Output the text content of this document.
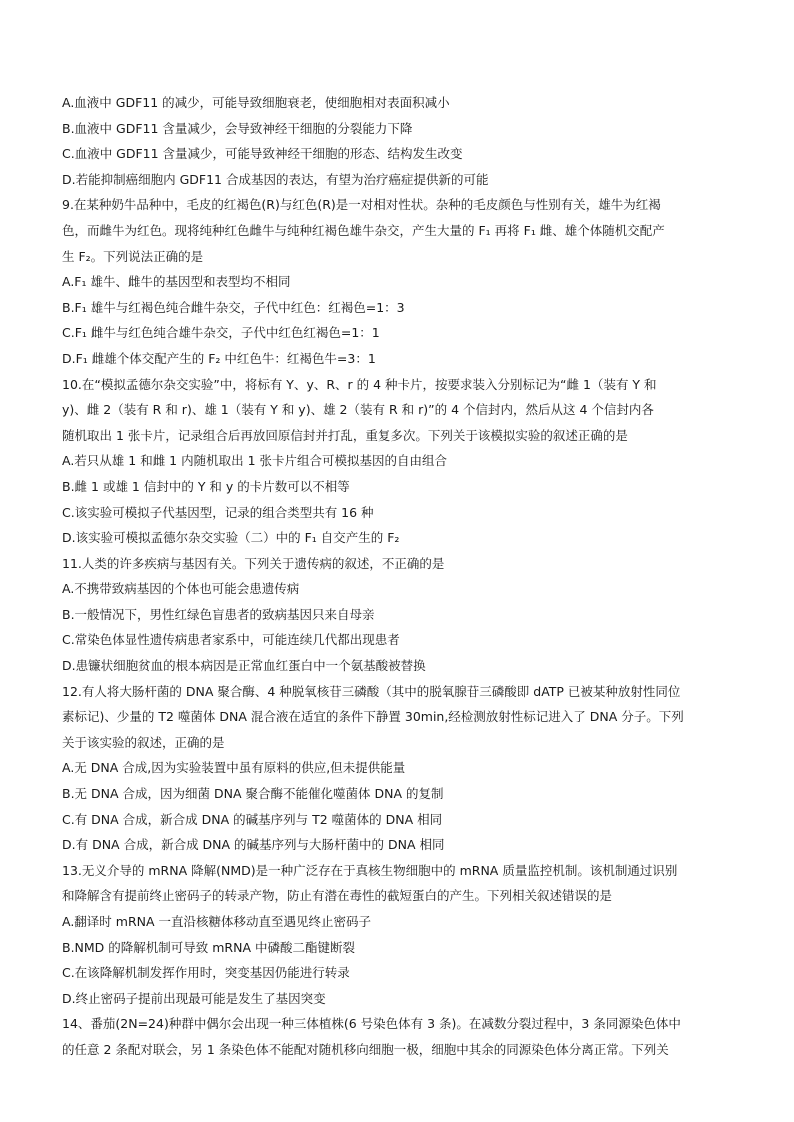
A.血液中 GDF11 的减少，可能导致细胞衰老，使细胞相对表面积减小
B.血液中 GDF11 含量减少，会导致神经干细胞的分裂能力下降
C.血液中 GDF11 含量减少，可能导致神经干细胞的形态、结构发生改变
D.若能抑制癌细胞内 GDF11 合成基因的表达，有望为治疗癌症提供新的可能
9.在某种奶牛品种中，毛皮的红褐色(R)与红色(R)是一对相对性状。杂种的毛皮颜色与性别有关，雄牛为红褐
色，而雌牛为红色。现将纯种红色雌牛与纯种红褐色雄牛杂交，产生大量的 F₁ 再将 F₁ 雌、雄个体随机交配产
生 F₂。下列说法正确的是
A.F₁ 雄牛、雌牛的基因型和表型均不相同
B.F₁ 雄牛与红褐色纯合雌牛杂交，子代中红色：红褐色=1：3
C.F₁ 雌牛与红色纯合雄牛杂交，子代中红色红褐色=1：1
D.F₁ 雌雄个体交配产生的 F₂ 中红色牛：红褐色牛=3：1
10.在“模拟孟德尔杂交实验”中，将标有 Y、y、R、r 的 4 种卡片，按要求装入分别标记为“雌 1（装有 Y 和
y)、雌 2（装有 R 和 r)、雄 1（装有 Y 和 y)、雄 2（装有 R 和 r)”的 4 个信封内，然后从这 4 个信封内各
随机取出 1 张卡片，记录组合后再放回原信封并打乱，重复多次。下列关于该模拟实验的叙述正确的是
A.若只从雄 1 和雌 1 内随机取出 1 张卡片组合可模拟基因的自由组合
B.雌 1 或雄 1 信封中的 Y 和 y 的卡片数可以不相等
C.该实验可模拟子代基因型，记录的组合类型共有 16 种
D.该实验可模拟孟德尔杂交实验（二）中的 F₁ 自交产生的 F₂
11.人类的许多疾病与基因有关。下列关于遗传病的叙述，不正确的是
A.不携带致病基因的个体也可能会患遗传病
B.一般情况下，男性红绿色盲患者的致病基因只来自母亲
C.常染色体显性遗传病患者家系中，可能连续几代都出现患者
D.患镰状细胞贫血的根本病因是正常血红蛋白中一个氨基酸被替换
12.有人将大肠杆菌的 DNA 聚合酶、4 种脱氧核苷三磷酸（其中的脱氧腺苷三磷酸即 dATP 已被某种放射性同位
素标记)、少量的 T2 噬菌体 DNA 混合液在适宜的条件下静置 30min,经检测放射性标记进入了 DNA 分子。下列
关于该实验的叙述，正确的是
A.无 DNA 合成,因为实验装置中虽有原料的供应,但未提供能量
B.无 DNA 合成，因为细菌 DNA 聚合酶不能催化噬菌体 DNA 的复制
C.有 DNA 合成，新合成 DNA 的碱基序列与 T2 噬菌体的 DNA 相同
D.有 DNA 合成，新合成 DNA 的碱基序列与大肠杆菌中的 DNA 相同
13.无义介导的 mRNA 降解(NMD)是一种广泛存在于真核生物细胞中的 mRNA 质量监控机制。该机制通过识别
和降解含有提前终止密码子的转录产物，防止有潜在毒性的截短蛋白的产生。下列相关叙述错误的是
A.翻译时 mRNA 一直沿核糖体移动直至遇见终止密码子
B.NMD 的降解机制可导致 mRNA 中磷酸二酯键断裂
C.在该降解机制发挥作用时，突变基因仍能进行转录
D.终止密码子提前出现最可能是发生了基因突变
14、番茄(2N=24)种群中偶尔会出现一种三体植株(6 号染色体有 3 条)。在减数分裂过程中，3 条同源染色体中
的任意 2 条配对联会，另 1 条染色体不能配对随机移向细胞一极，细胞中其余的同源染色体分离正常。下列关
